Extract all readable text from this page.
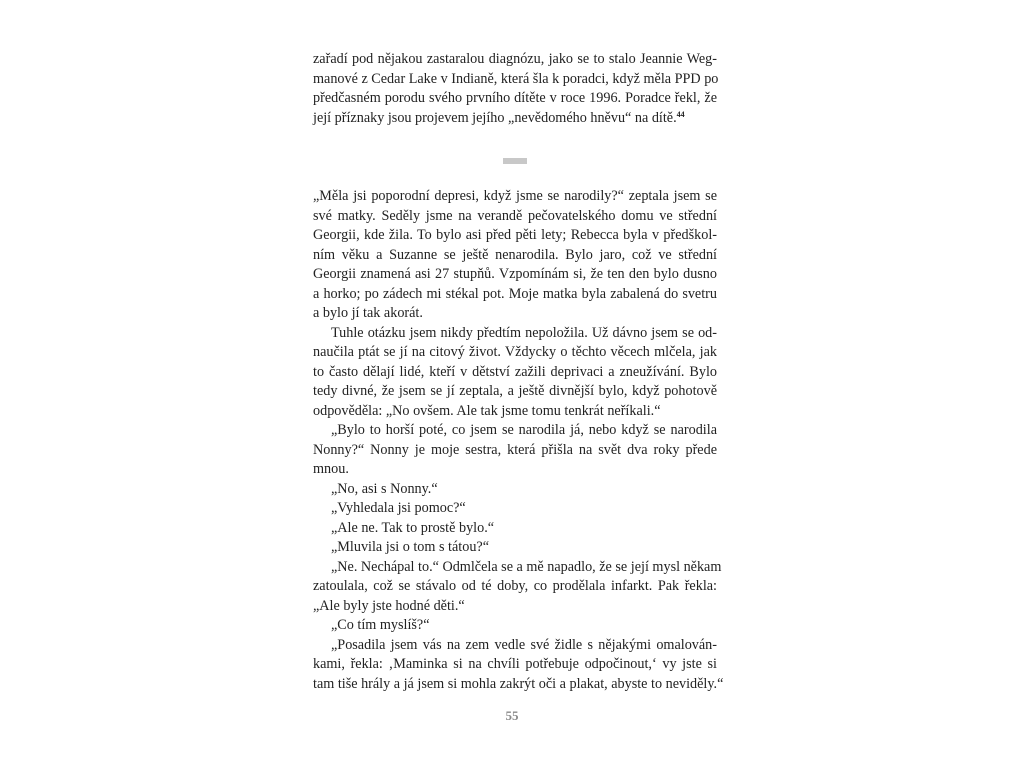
zařadí pod nějakou zastaralou diagnózu, jako se to stalo Jeannie Weg-
manové z Cedar Lake v Indianě, která šla k poradci, když měla PPD po
předčasném porodu svého prvního dítěte v roce 1996. Poradce řekl, že
její příznaky jsou projevem jejího „nevědomého hněvu“ na dítě.$^{44}$
„Měla jsi poporodní depresi, když jsme se narodily?“ zeptala jsem se
své matky. Seděly jsme na verandě pečovatelského domu ve střední
Georgii, kde žila. To bylo asi před pěti lety; Rebecca byla v předškol-
ním věku a Suzanne se ještě nenarodila. Bylo jaro, což ve střední
Georgii znamená asi 27 stupňů. Vzpomínám si, že ten den bylo dusno
a horko; po zádech mi stékal pot. Moje matka byla zabalená do svetru
a bylo jí tak akorát.
Tuhle otázku jsem nikdy předtím nepoložila. Už dávno jsem se od-
naučila ptát se jí na citový život. Vždycky o těchto věcech mlčela, jak
to často dělají lidé, kteří v dětství zažili deprivaci a zneužívání. Bylo
tedy divné, že jsem se jí zeptala, a ještě divnější bylo, když pohotově
odpověděla: „No ovšem. Ale tak jsme tomu tenkrát neříkali.“
„Bylo to horší poté, co jsem se narodila já, nebo když se narodila
Nonny?“ Nonny je moje sestra, která přišla na svět dva roky přede
mnou.
„No, asi s Nonny.“
„Vyhledala jsi pomoc?“
„Ale ne. Tak to prostě bylo.“
„Mluvila jsi o tom s tátou?“
„Ne. Nechápal to.“ Odmlčela se a mě napadlo, že se její mysl někam
zatoulala, což se stávalo od té doby, co prodělala infarkt. Pak řekla:
„Ale byly jste hodné děti.“
„Co tím myslíš?“
„Posadila jsem vás na zem vedle své židle s nějakými omalován-
kami, řekla: ‚Maminka si na chvíli potřebuje odpočinout,‘ vy jste si
tam tiše hrály a já jsem si mohla zakrýt oči a plakat, abyste to neviděly.“
55
